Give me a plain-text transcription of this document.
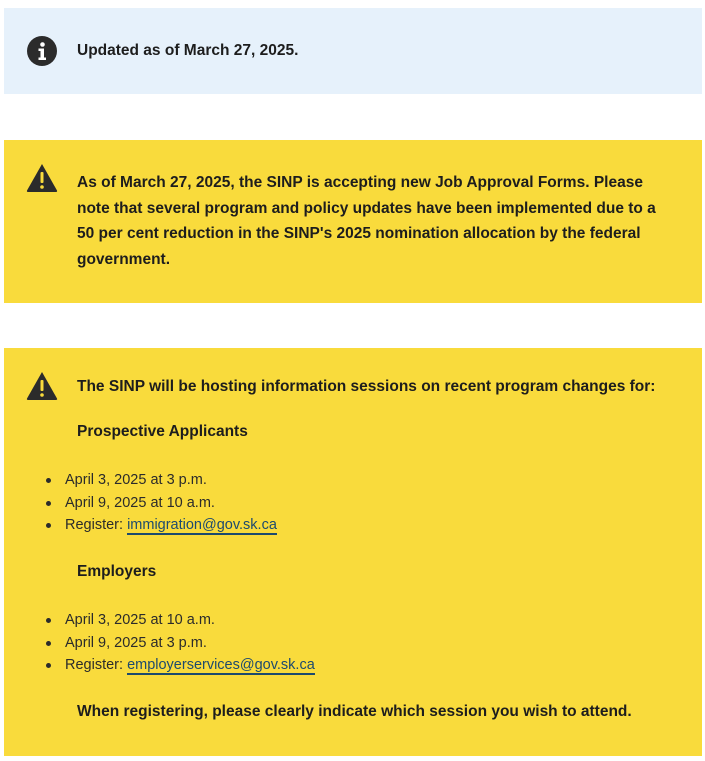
Updated as of March 27, 2025.
As of March 27, 2025, the SINP is accepting new Job Approval Forms. Please note that several program and policy updates have been implemented due to a 50 per cent reduction in the SINP's 2025 nomination allocation by the federal government.
The SINP will be hosting information sessions on recent program changes for:
Prospective Applicants
April 3, 2025 at 3 p.m.
April 9, 2025 at 10 a.m.
Register: immigration@gov.sk.ca
Employers
April 3, 2025 at 10 a.m.
April 9, 2025 at 3 p.m.
Register: employerservices@gov.sk.ca
When registering, please clearly indicate which session you wish to attend.
